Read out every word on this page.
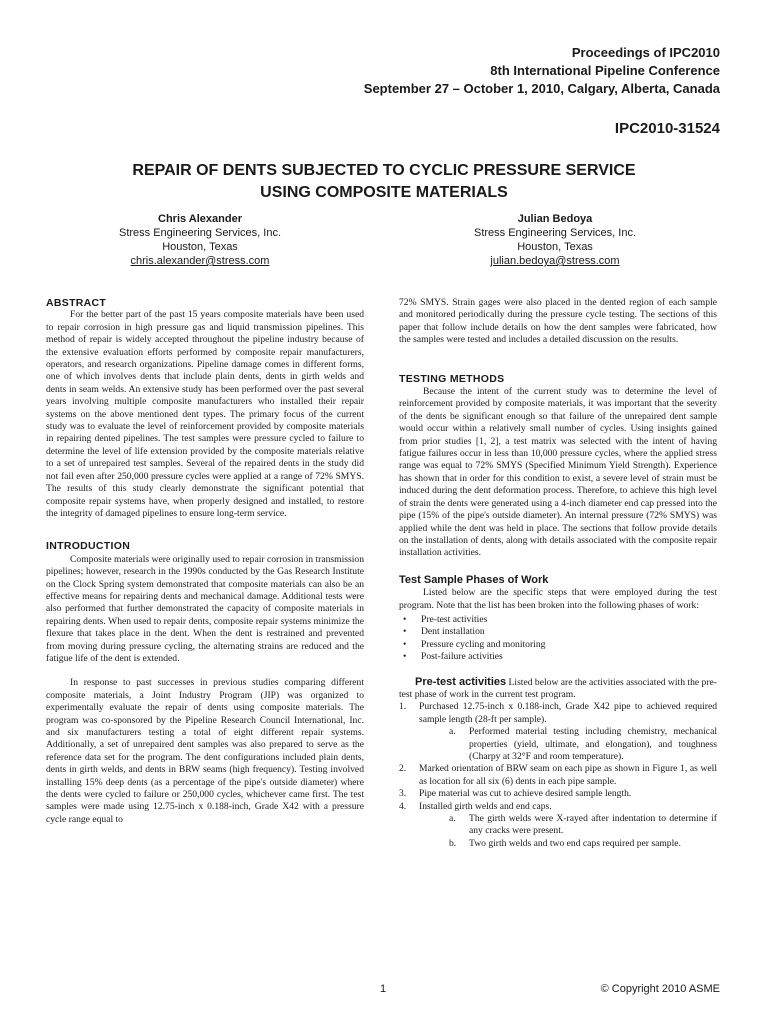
Proceedings of IPC2010
8th International Pipeline Conference
September 27 – October 1, 2010, Calgary, Alberta, Canada
IPC2010-31524
REPAIR OF DENTS SUBJECTED TO CYCLIC PRESSURE SERVICE
USING COMPOSITE MATERIALS
Chris Alexander
Stress Engineering Services, Inc.
Houston, Texas
chris.alexander@stress.com
Julian Bedoya
Stress Engineering Services, Inc.
Houston, Texas
julian.bedoya@stress.com
ABSTRACT

For the better part of the past 15 years composite materials have been used to repair corrosion in high pressure gas and liquid transmission pipelines. This method of repair is widely accepted throughout the pipeline industry because of the extensive evaluation efforts performed by composite repair manufacturers, operators, and research organizations. Pipeline damage comes in different forms, one of which involves dents that include plain dents, dents in girth welds and dents in seam welds. An extensive study has been performed over the past several years involving multiple composite manufacturers who installed their repair systems on the above mentioned dent types. The primary focus of the current study was to evaluate the level of reinforcement provided by composite materials in repairing dented pipelines. The test samples were pressure cycled to failure to determine the level of life extension provided by the composite materials relative to a set of unrepaired test samples. Several of the repaired dents in the study did not fail even after 250,000 pressure cycles were applied at a range of 72% SMYS. The results of this study clearly demonstrate the significant potential that composite repair systems have, when properly designed and installed, to restore the integrity of damaged pipelines to ensure long-term service.

INTRODUCTION

Composite materials were originally used to repair corrosion in transmission pipelines; however, research in the 1990s conducted by the Gas Research Institute on the Clock Spring system demonstrated that composite materials can also be an effective means for repairing dents and mechanical damage. Additional tests were also performed that further demonstrated the capacity of composite materials in repairing dents. When used to repair dents, composite repair systems minimize the flexure that takes place in the dent. When the dent is restrained and prevented from moving during pressure cycling, the alternating strains are reduced and the fatigue life of the dent is extended.

In response to past successes in previous studies comparing different composite materials, a Joint Industry Program (JIP) was organized to experimentally evaluate the repair of dents using composite materials. The program was co-sponsored by the Pipeline Research Council International, Inc. and six manufacturers testing a total of eight different repair systems. Additionally, a set of unrepaired dent samples was also prepared to serve as the reference data set for the program. The dent configurations included plain dents, dents in girth welds, and dents in BRW seams (high frequency). Testing involved installing 15% deep dents (as a percentage of the pipe's outside diameter) where the dents were cycled to failure or 250,000 cycles, whichever came first. The test samples were made using 12.75-inch x 0.188-inch, Grade X42 with a pressure cycle range equal to

72% SMYS. Strain gages were also placed in the dented region of each sample and monitored periodically during the pressure cycle testing. The sections of this paper that follow include details on how the dent samples were fabricated, how the samples were tested and includes a detailed discussion on the results.

TESTING METHODS

Because the intent of the current study was to determine the level of reinforcement provided by composite materials, it was important that the severity of the dents be significant enough so that failure of the unrepaired dent sample would occur within a relatively small number of cycles. Using insights gained from prior studies [1, 2], a test matrix was selected with the intent of having fatigue failures occur in less than 10,000 pressure cycles, where the applied stress range was equal to 72% SMYS (Specified Minimum Yield Strength). Experience has shown that in order for this condition to exist, a severe level of strain must be induced during the dent deformation process. Therefore, to achieve this high level of strain the dents were generated using a 4-inch diameter end cap pressed into the pipe (15% of the pipe's outside diameter). An internal pressure (72% SMYS) was applied while the dent was held in place. The sections that follow provide details on the installation of dents, along with details associated with the composite repair installation activities.

Test Sample Phases of Work

Listed below are the specific steps that were employed during the test program. Note that the list has been broken into the following phases of work:

• Pre-test activities
• Dent installation
• Pressure cycling and monitoring
• Post-failure activities

Pre-test activities Listed below are the activities associated with the pre-test phase of work in the current test program.

1. Purchased 12.75-inch x 0.188-inch, Grade X42 pipe to achieved required sample length (28-ft per sample).
a. Performed material testing including chemistry, mechanical properties (yield, ultimate, and elongation), and toughness (Charpy at 32°F and room temperature).
2. Marked orientation of BRW seam on each pipe as shown in Figure 1, as well as location for all six (6) dents in each pipe sample.
3. Pipe material was cut to achieve desired sample length.
4. Installed girth welds and end caps.
a. The girth welds were X-rayed after indentation to determine if any cracks were present.
b. Two girth welds and two end caps required per sample.
1	© Copyright 2010 ASME
